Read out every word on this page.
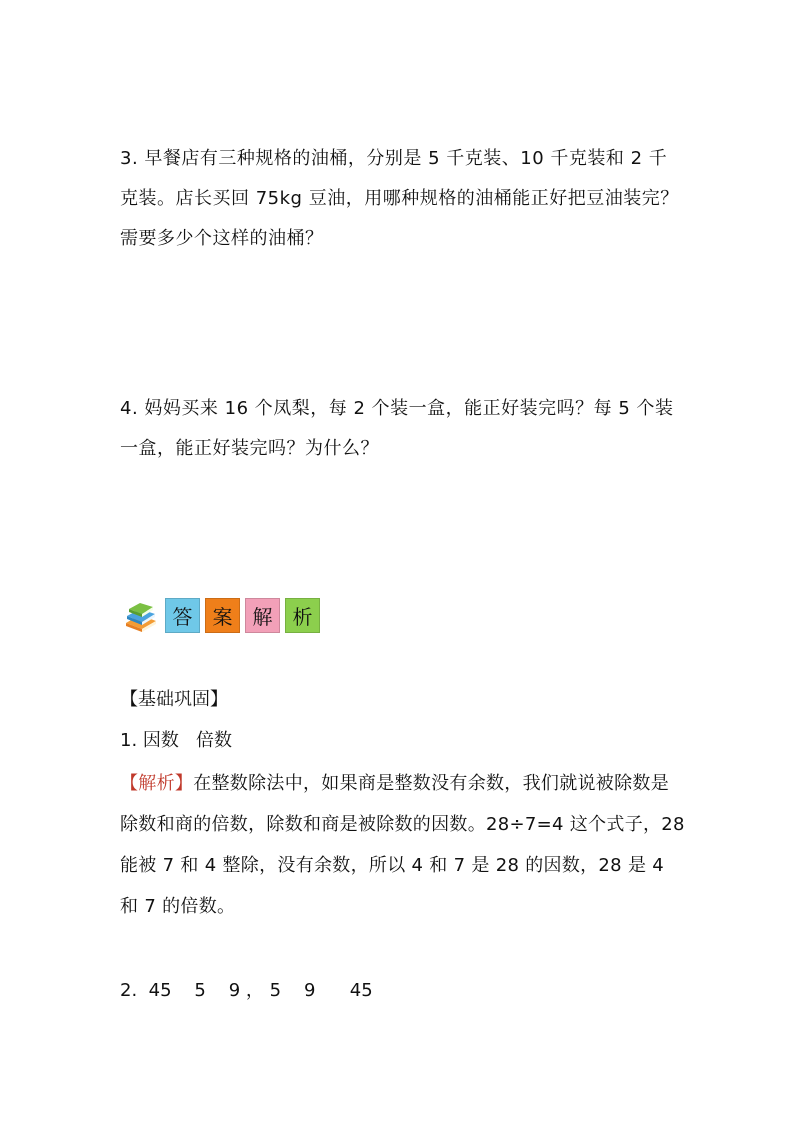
3. 早餐店有三种规格的油桶，分别是 5 千克装、10 千克装和 2 千克装。店长买回 75kg 豆油，用哪种规格的油桶能正好把豆油装完？需要多少个这样的油桶？
4. 妈妈买来 16 个凤梨，每 2 个装一盒，能正好装完吗？每 5 个装一盒，能正好装完吗？为什么？
答	案	解	析
【基础巩固】
1. 因数   倍数
【解析】在整数除法中，如果商是整数没有余数，我们就说被除数是除数和商的倍数，除数和商是被除数的因数。28÷7=4 这个式子，28 能被 7 和 4 整除，没有余数，所以 4 和 7 是 28 的因数，28 是 4 和 7 的倍数。
2.  45    5    9 ， 5    9      45
